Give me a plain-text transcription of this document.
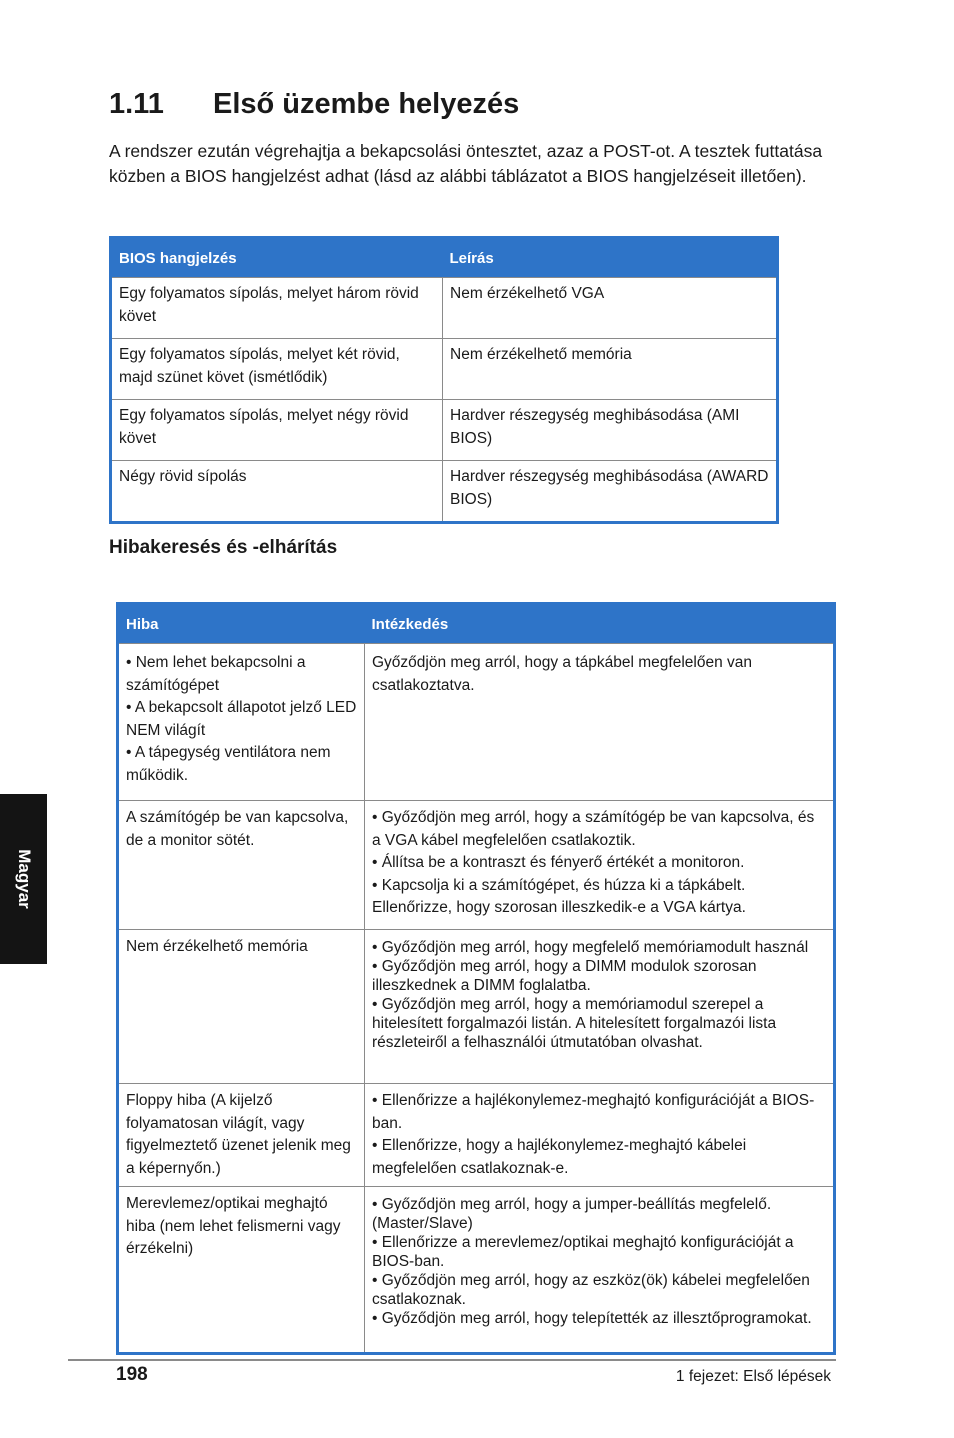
1.11 Első üzembe helyezés

A rendszer ezután végrehajtja a bekapcsolási öntesztet, azaz a POST-ot. A tesztek futtatása közben a BIOS hangjelzést adhat (lásd az alábbi táblázatot a BIOS hangjelzéseit illetően).

BIOS hangjelzés	Leírás
Egy folyamatos sípolás, melyet három rövid követ	Nem érzékelhető VGA
Egy folyamatos sípolás, melyet két rövid, majd szünet követ (ismétlődik)	Nem érzékelhető memória
Egy folyamatos sípolás, melyet négy rövid követ	Hardver részegység meghibásodása (AMI BIOS)
Négy rövid sípolás	Hardver részegység meghibásodása (AWARD BIOS)
Hibakeresés és -elhárítás
Hiba	Intézkedés

• Nem lehet bekapcsolni a számítógépet

• A bekapcsolt állapotot jelző LED NEM világít

• A tápegység ventilátora nem működik.	Győződjön meg arról, hogy a tápkábel megfelelően van csatlakoztatva.

A számítógép be van kapcsolva, de a monitor sötét.	• Győződjön meg arról, hogy a számítógép be van kapcsolva, és a VGA kábel megfelelően csatlakoztik.

• Állítsa be a kontraszt és fényerő értékét a monitoron.

• Kapcsolja ki a számítógépet, és húzza ki a tápkábelt. Ellenőrizze, hogy szorosan illeszkedik-e a VGA kártya.

Nem érzékelhető memória	• Győződjön meg arról, hogy megfelelő memóriamodult használ

• Győződjön meg arról, hogy a DIMM modulok szorosan illeszkednek a DIMM foglalatba.

• Győződjön meg arról, hogy a memóriamodul szerepel a hitelesített forgalmazói listán. A hitelesített forgalmazói lista részleteiről a felhasználói útmutatóban olvashat.

Floppy hiba (A kijelző folyamatosan világít, vagy figyelmeztető üzenet jelenik meg a képernyőn.)	• Ellenőrizze a hajlékonylemez-meghajtó konfigurációját a BIOS-ban.

• Ellenőrizze, hogy a hajlékonylemez-meghajtó kábelei megfelelően csatlakoznak-e.

Merevlemez/optikai meghajtó hiba (nem lehet felismerni vagy érzékelni)	• Győződjön meg arról, hogy a jumper-beállítás megfelelő. (Master/Slave)

• Ellenőrizze a merevlemez/optikai meghajtó konfigurációját a BIOS-ban.

• Győződjön meg arról, hogy az eszköz(ök) kábelei megfelelően csatlakoznak.

• Győződjön meg arról, hogy telepítették az illesztőprogramokat.

Magyar
198	1 fejezet: Első lépések
